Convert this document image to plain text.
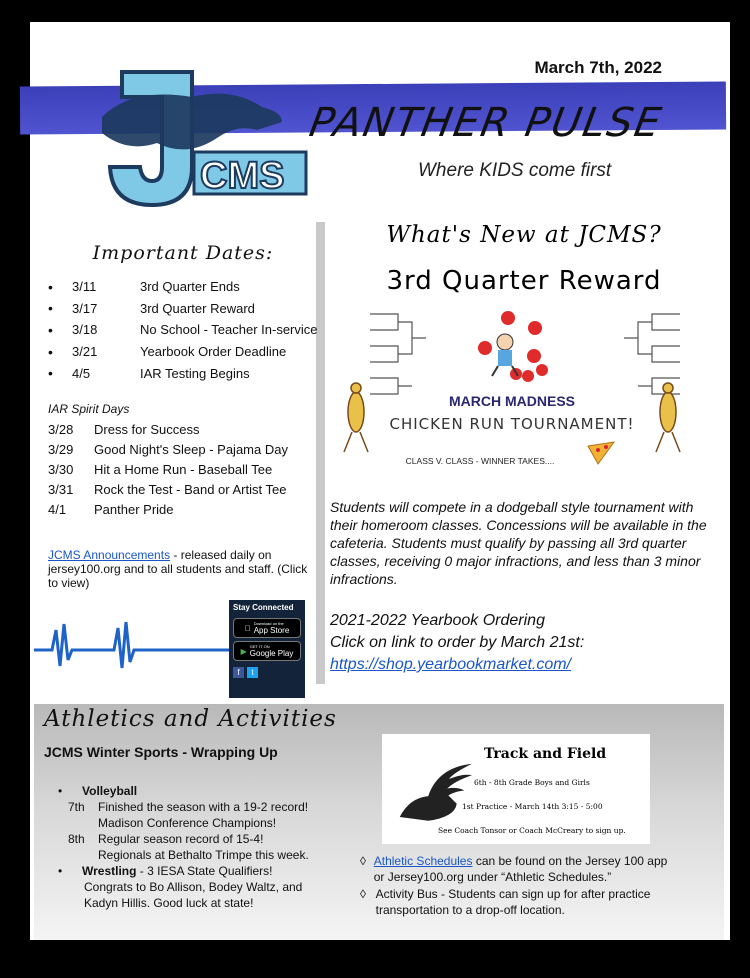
March 7th, 2022
CMS
PANTHER PULSE
Where KIDS come first
Important Dates:
•	3/11	3rd Quarter Ends
•	3/17	3rd Quarter Reward
•	3/18	No School - Teacher In-service
•	3/21	Yearbook Order Deadline
•	4/5	IAR Testing Begins
IAR Spirit Days
3/28	Dress for Success
3/29	Good Night's Sleep - Pajama Day
3/30	Hit a Home Run - Baseball Tee
3/31	Rock the Test - Band or Artist Tee
4/1	Panther Pride
JCMS Announcements - released daily on jersey100.org and to all students and staff. (Click to view)
Stay Connected
Download on the
App Store
▶ GET IT ON
Google Play
f	t
What's New at JCMS?
3rd Quarter Reward
MARCH MADNESS
CHICKEN RUN TOURNAMENT!
CLASS V. CLASS - WINNER TAKES....
Students will compete in a dodgeball style tournament with their homeroom classes. Concessions will be available in the cafeteria. Students must qualify by passing all 3rd quarter classes, receiving 0 major infractions, and less than 3 minor infractions.
2021-2022 Yearbook Ordering
Click on link to order by March 21st:
https://shop.yearbookmarket.com/
Athletics and Activities
JCMS Winter Sports - Wrapping Up
•	Volleyball
7th	Finished the season with a 19-2 record!
Madison Conference Champions!
8th	Regular season record of 15-4!
Regionals at Bethalto Trimpe this week.
•	Wrestling - 3 IESA State Qualifiers!
Congrats to Bo Allison, Bodey Waltz, and
Kadyn Hillis. Good luck at state!
Track and Field
6th - 8th Grade Boys and Girls
1st Practice - March 14th 3:15 - 5:00
See Coach Tonsor or Coach McCreary to sign up.
◊ Athletic Schedules can be found on the Jersey 100 app or Jersey100.org under “Athletic Schedules.”
◊ Activity Bus - Students can sign up for after practice transportation to a drop-off location.
